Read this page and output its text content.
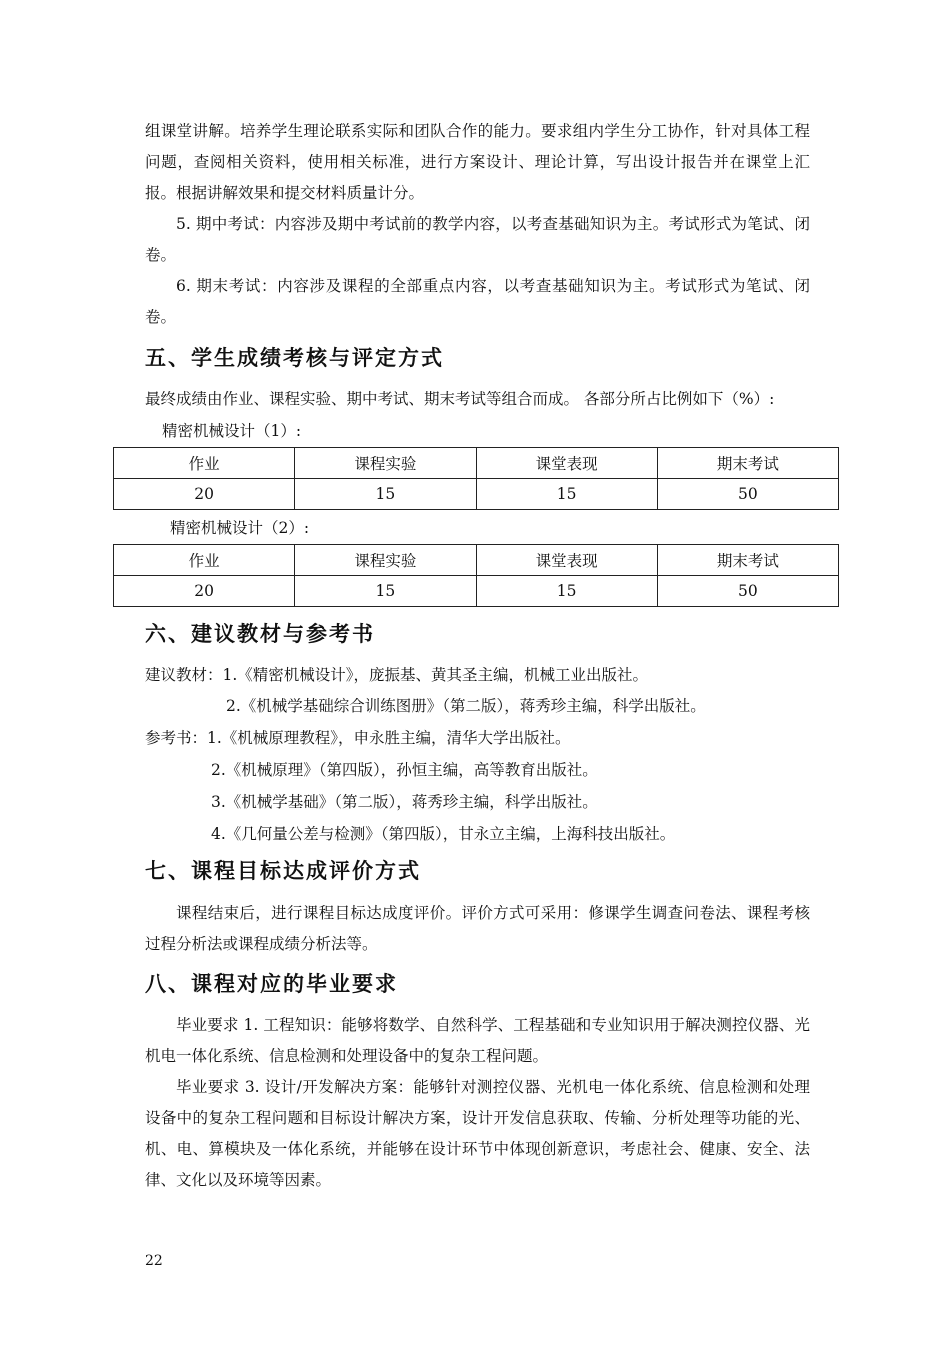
组课堂讲解。培养学生理论联系实际和团队合作的能力。要求组内学生分工协作，针对具体工程问题，查阅相关资料，使用相关标准，进行方案设计、理论计算，写出设计报告并在课堂上汇报。根据讲解效果和提交材料质量计分。

5. 期中考试：内容涉及期中考试前的教学内容，以考查基础知识为主。考试形式为笔试、闭卷。

6. 期末考试：内容涉及课程的全部重点内容，以考查基础知识为主。考试形式为笔试、闭卷。

五、学生成绩考核与评定方式

最终成绩由作业、课程实验、期中考试、期末考试等组合而成。 各部分所占比例如下（%）:

精密机械设计（1）:

作业	课程实验	课堂表现	期末考试
20	15	15	50

精密机械设计（2）:

作业	课程实验	课堂表现	期末考试
20	15	15	50
六、建议教材与参考书

建议教材：1.《精密机械设计》，庞振基、黄其圣主编，机械工业出版社。

2.《机械学基础综合训练图册》（第二版），蒋秀珍主编，科学出版社。

参考书：1.《机械原理教程》，申永胜主编，清华大学出版社。

2.《机械原理》（第四版），孙恒主编，高等教育出版社。

3.《机械学基础》（第二版），蒋秀珍主编，科学出版社。

4.《几何量公差与检测》（第四版），甘永立主编，上海科技出版社。

七、课程目标达成评价方式

课程结束后，进行课程目标达成度评价。评价方式可采用：修课学生调查问卷法、课程考核过程分析法或课程成绩分析法等。

八、课程对应的毕业要求

毕业要求 1. 工程知识：能够将数学、自然科学、工程基础和专业知识用于解决测控仪器、光机电一体化系统、信息检测和处理设备中的复杂工程问题。

毕业要求 3. 设计/开发解决方案：能够针对测控仪器、光机电一体化系统、信息检测和处理设备中的复杂工程问题和目标设计解决方案，设计开发信息获取、传输、分析处理等功能的光、机、电、算模块及一体化系统，并能够在设计环节中体现创新意识，考虑社会、健康、安全、法律、文化以及环境等因素。

22
